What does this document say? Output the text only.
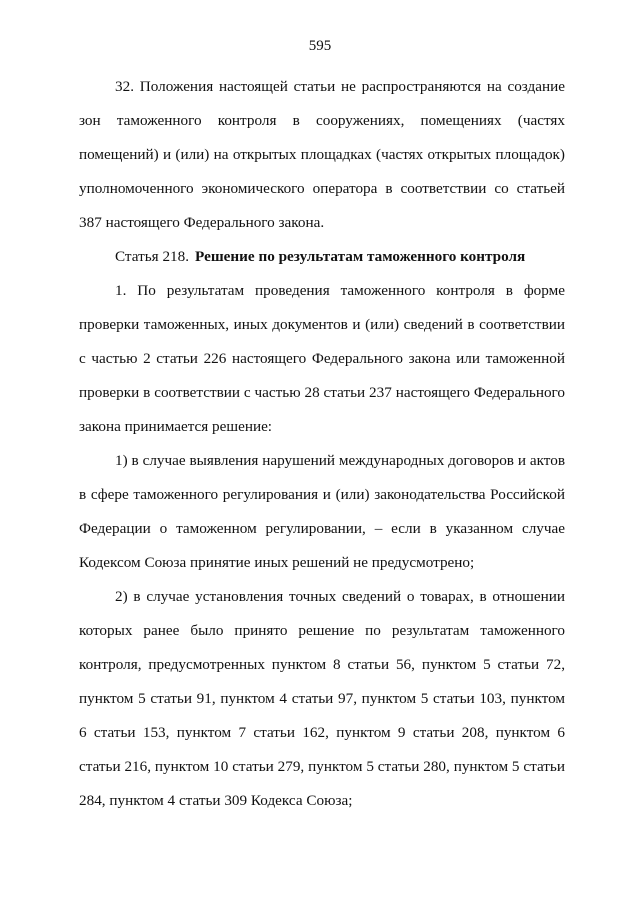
595

32. Положения настоящей статьи не распространяются на создание зон таможенного контроля в сооружениях, помещениях (частях помещений) и (или) на открытых площадках (частях открытых площадок) уполномоченного экономического оператора в соответствии со статьей 387 настоящего Федерального закона.

Статья 218. Решение по результатам таможенного контроля

1. По результатам проведения таможенного контроля в форме проверки таможенных, иных документов и (или) сведений в соответствии с частью 2 статьи 226 настоящего Федерального закона или таможенной проверки в соответствии с частью 28 статьи 237 настоящего Федерального закона принимается решение:

1) в случае выявления нарушений международных договоров и актов в сфере таможенного регулирования и (или) законодательства Российской Федерации о таможенном регулировании, – если в указанном случае Кодексом Союза принятие иных решений не предусмотрено;

2) в случае установления точных сведений о товарах, в отношении которых ранее было принято решение по результатам таможенного контроля, предусмотренных пунктом 8 статьи 56, пунктом 5 статьи 72, пунктом 5 статьи 91, пунктом 4 статьи 97, пунктом 5 статьи 103, пунктом 6 статьи 153, пунктом 7 статьи 162, пунктом 9 статьи 208, пунктом 6 статьи 216, пунктом 10 статьи 279, пунктом 5 статьи 280, пунктом 5 статьи 284, пунктом 4 статьи 309 Кодекса Союза;
